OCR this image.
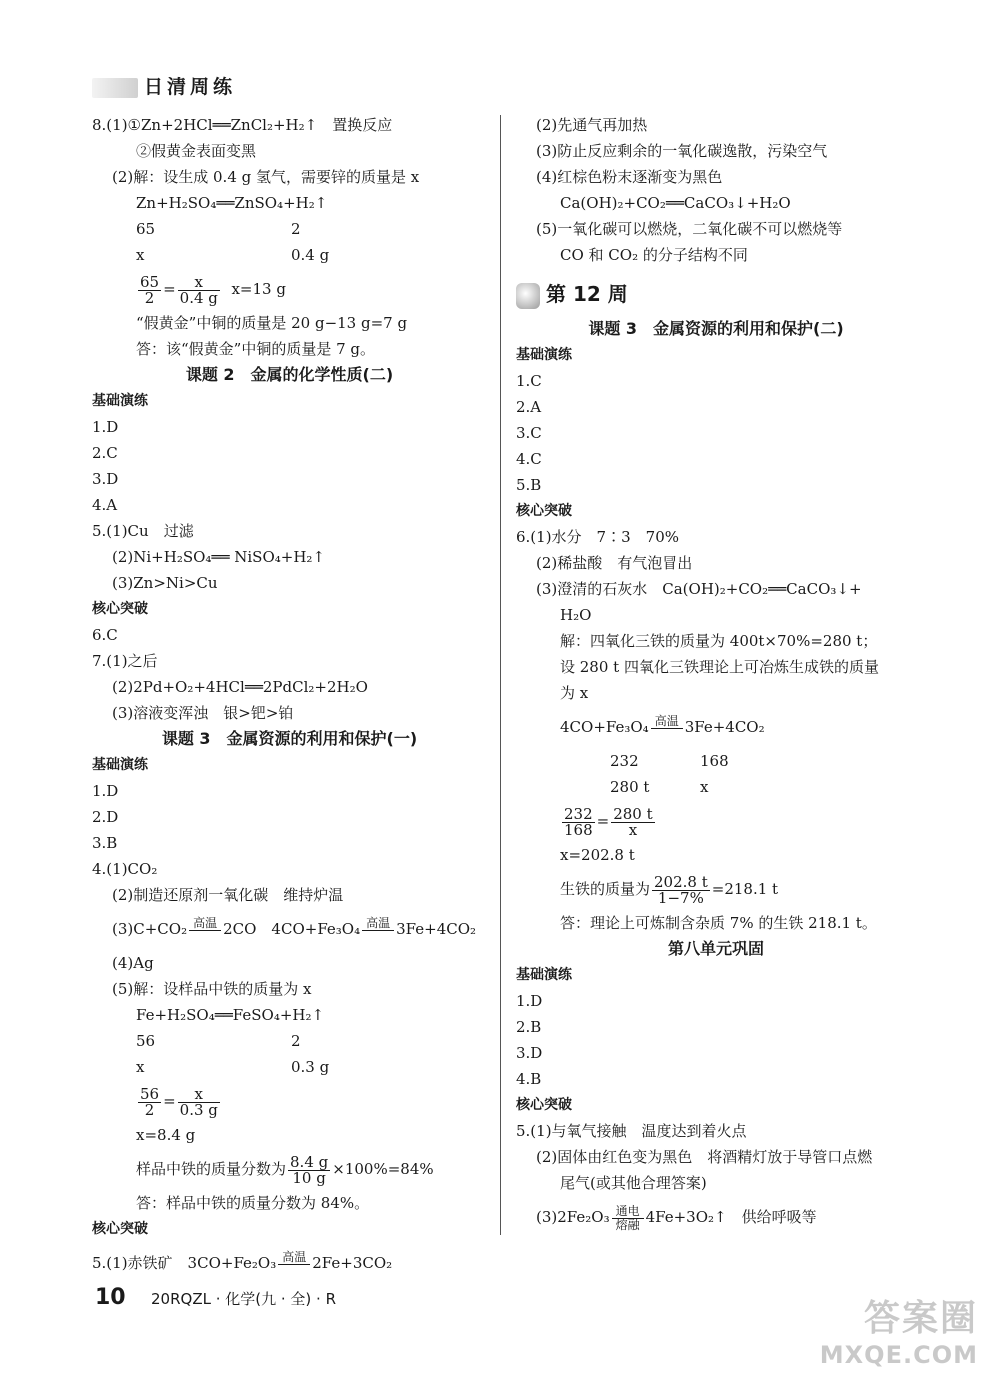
日清周练
8.(1)①Zn+2HCl══ZnCl₂+H₂↑　置换反应
②假黄金表面变黑
(2)解：设生成 0.4 g 氢气，需要锌的质量是 x
Zn+H₂SO₄══ZnSO₄+H₂↑
65	2
x	0.4 g
$\frac{65}{2} = \frac{x}{0.4 g} x=13$ g
“假黄金”中铜的质量是 20 g−13 g=7 g
答：该“假黄金”中铜的质量是 7 g。
课题 2　金属的化学性质(二)
基础演练
1.D
2.C
3.D
4.A
5.(1)Cu　过滤
(2)Ni+H₂SO₄══ NiSO₄+H₂↑
(3)Zn>Ni>Cu
核心突破
6.C
7.(1)之后
(2)2Pd+O₂+4HCl══2PdCl₂+2H₂O
(3)溶液变浑浊　银>钯>铂
课题 3　金属资源的利用和保护(一)
基础演练
1.D
2.D
3.B
4.(1)CO₂
(2)制造还原剂一氧化碳　维持炉温
(3)C+CO₂ 高温
2CO　4CO+Fe₃O₄ 高温
3Fe+4CO₂
(4)Ag
(5)解：设样品中铁的质量为 x
Fe+H₂SO₄══FeSO₄+H₂↑
56	2
x	0.3 g
$\frac{56}{2} = \frac{x}{0.3 g}$
x=8.4 g
样品中铁的质量分数为 $\frac{8.4 g}{10 g} \times 100\%=84\%$
答：样品中铁的质量分数为 84%。
核心突破
5.(1)赤铁矿　3CO+Fe₂O₃ 高温
2Fe+3CO₂
(2)先通气再加热
(3)防止反应剩余的一氧化碳逸散，污染空气
(4)红棕色粉末逐渐变为黑色
Ca(OH)₂+CO₂══CaCO₃↓+H₂O
(5)一氧化碳可以燃烧，二氧化碳不可以燃烧等
CO 和 CO₂ 的分子结构不同
第 12 周
课题 3　金属资源的利用和保护(二)
基础演练
1.C
2.A
3.C
4.C
5.B
核心突破
6.(1)水分　7∶3　70%
(2)稀盐酸　有气泡冒出
(3)澄清的石灰水　Ca(OH)₂+CO₂══CaCO₃↓+
H₂O
解：四氧化三铁的质量为 400t×70%=280 t；
设 280 t 四氧化三铁理论上可冶炼生成铁的质量
为 x
4CO+Fe₃O₄ 高温
3Fe+4CO₂
232	168
280 t	x
$\frac{232}{168} = \frac{280 t}{x}$
x=202.8 t
生铁的质量为 $\frac{202.8 t}{1-7\%} =218.1$ t
答：理论上可炼制含杂质 7% 的生铁 218.1 t。
第八单元巩固
基础演练
1.D
2.B
3.D
4.B
核心突破
5.(1)与氧气接触　温度达到着火点
(2)固体由红色变为黑色　将酒精灯放于导管口点燃
尾气(或其他合理答案)
(3)2Fe₂O₃ 通电
熔融 4Fe+3O₂↑　供给呼吸等
10 20RQZL · 化学(九 · 全) · R	答案圈
MXQE.COM
